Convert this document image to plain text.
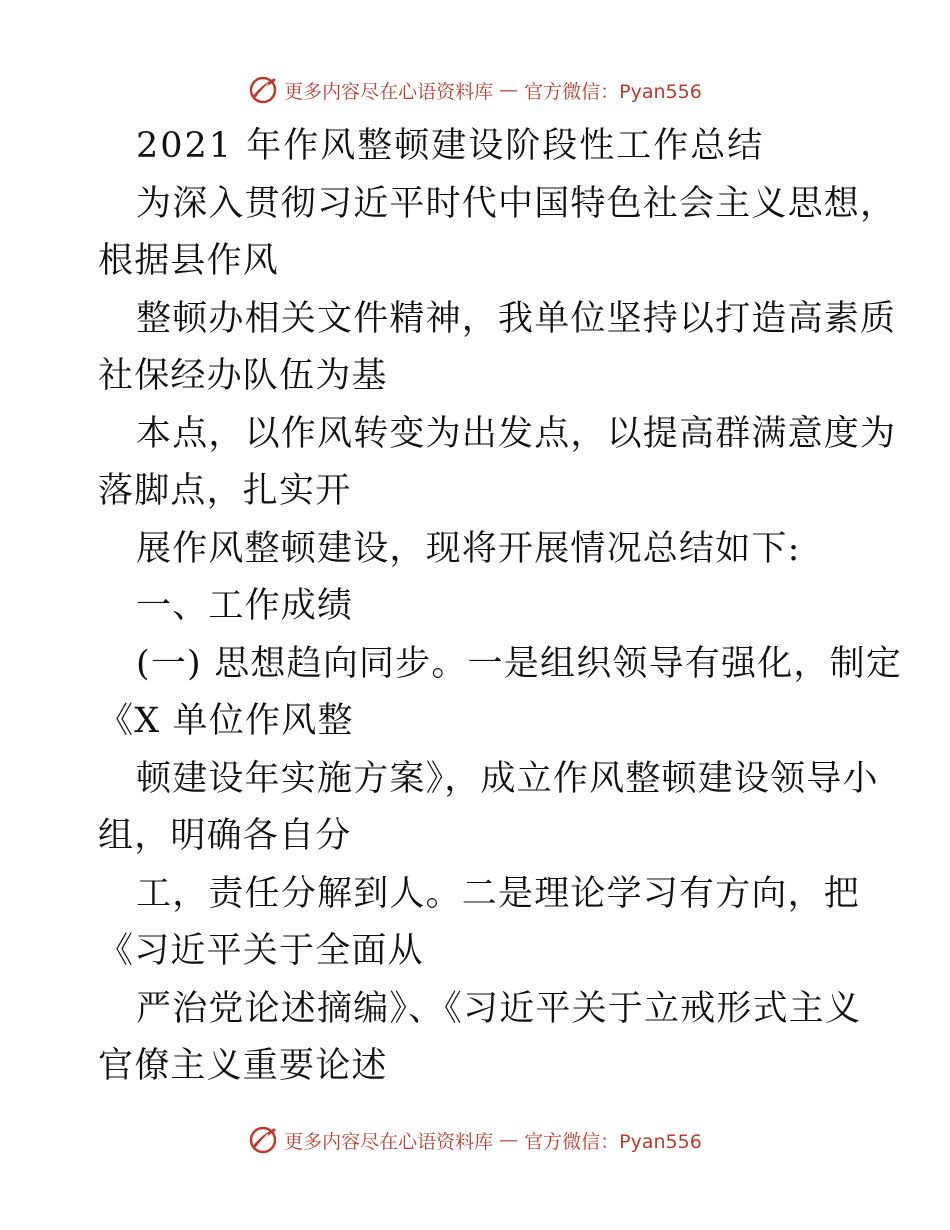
更多内容尽在心语资料库 — 官方微信：Pyan556
2021 年作风整顿建设阶段性工作总结
为深入贯彻习近平时代中国特色社会主义思想，
根据县作风
整顿办相关文件精神，我单位坚持以打造高素质
社保经办队伍为基
本点，以作风转变为出发点，以提高群满意度为
落脚点，扎实开
展作风整顿建设，现将开展情况总结如下:
一、工作成绩
(一) 思想趋向同步。一是组织领导有强化，制定
《X 单位作风整
顿建设年实施方案》，成立作风整顿建设领导小
组，明确各自分
工，责任分解到人。二是理论学习有方向，把
《习近平关于全面从
严治党论述摘编》、《习近平关于立戒形式主义
官僚主义重要论述
更多内容尽在心语资料库 — 官方微信：Pyan556
